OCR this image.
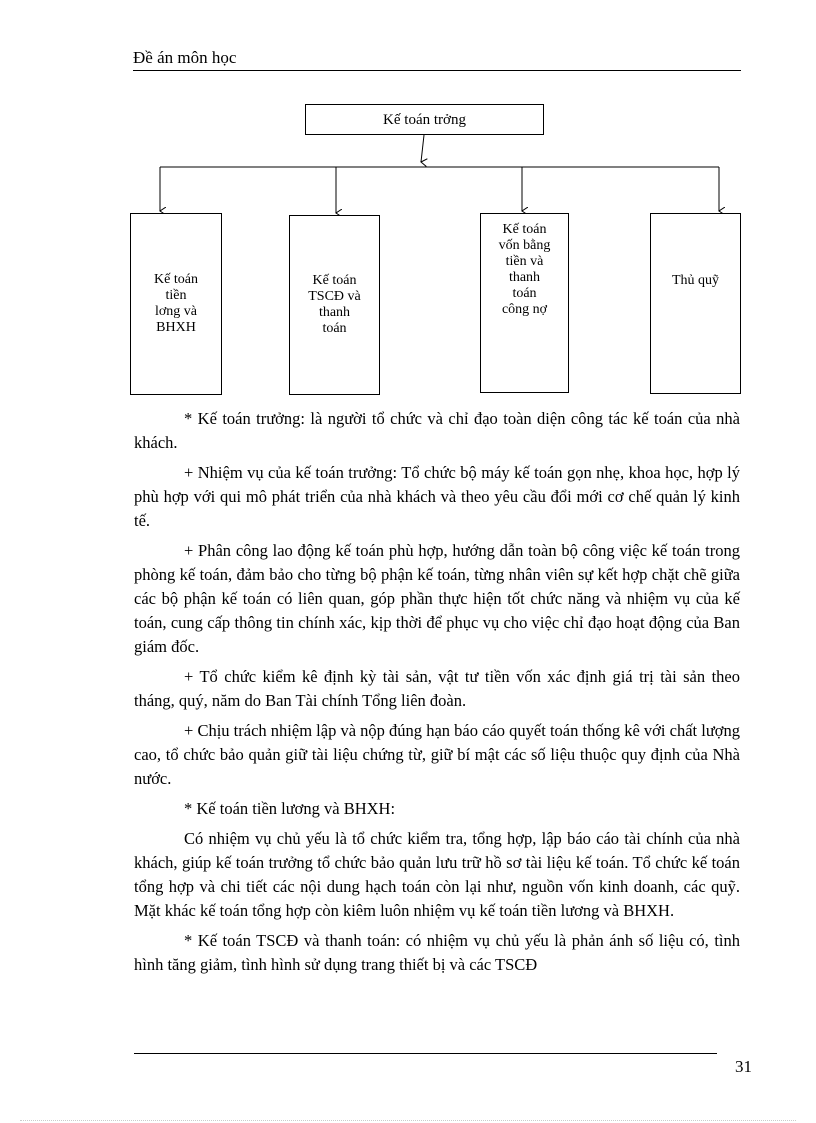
Đề án môn học
Kế toán trởng
Kế toán
tiền
lơng và
BHXH
Kế toán
TSCĐ và
thanh
toán
Kế toán
vốn bằng
tiền và
thanh
toán
công nợ
Thủ quỹ

* Kế toán trưởng: là người tổ chức và chỉ đạo toàn diện công tác kế toán của nhà khách.

+ Nhiệm vụ của kế toán trưởng: Tổ chức bộ máy kế toán gọn nhẹ, khoa học, hợp lý phù hợp với qui mô phát triển của nhà khách và theo yêu cầu đổi mới cơ chế quản lý kinh tế.

+ Phân công lao động kế toán phù hợp, hướng dẫn toàn bộ công việc kế toán trong phòng kế toán, đảm bảo cho từng bộ phận kế toán, từng nhân viên sự kết hợp chặt chẽ giữa các bộ phận kế toán có liên quan, góp phần thực hiện tốt chức năng và nhiệm vụ của kế toán, cung cấp thông tin chính xác, kịp thời để phục vụ cho việc chỉ đạo hoạt động của Ban giám đốc.

+ Tổ chức kiểm kê định kỳ tài sản, vật tư tiền vốn xác định giá trị tài sản theo tháng, quý, năm do Ban Tài chính Tổng liên đoàn.

+ Chịu trách nhiệm lập và nộp đúng hạn báo cáo quyết toán thống kê với chất lượng cao, tổ chức bảo quản giữ tài liệu chứng từ, giữ bí mật các số liệu thuộc quy định của Nhà nước.

* Kế toán tiền lương và BHXH:

Có nhiệm vụ chủ yếu là tổ chức kiểm tra, tổng hợp, lập báo cáo tài chính của nhà khách, giúp kế toán trưởng tổ chức bảo quản lưu trữ hồ sơ tài liệu kế toán. Tổ chức kế toán tổng hợp và chi tiết các nội dung hạch toán còn lại như, nguồn vốn kinh doanh, các quỹ. Mặt khác kế toán tổng hợp còn kiêm luôn nhiệm vụ kế toán tiền lương và BHXH.

* Kế toán TSCĐ và thanh toán: có nhiệm vụ chủ yếu là phản ánh số liệu có, tình hình tăng giảm, tình hình sử dụng trang thiết bị và các TSCĐ

31
